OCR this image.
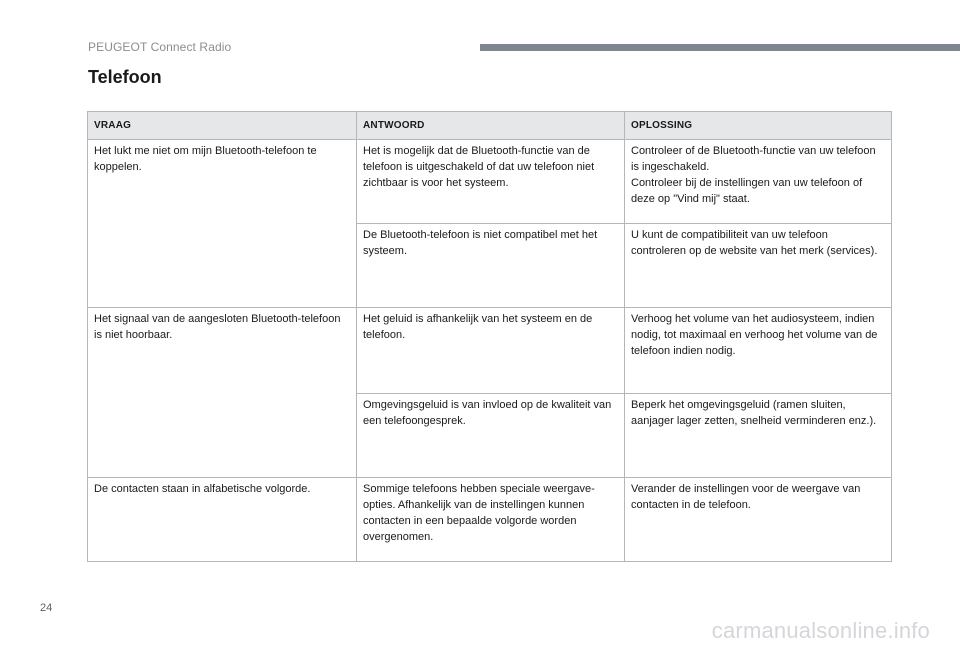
PEUGEOT Connect Radio
Telefoon
VRAAG	ANTWOORD	OPLOSSING

Het lukt me niet om mijn Bluetooth-telefoon te koppelen.	Het is mogelijk dat de Bluetooth-functie van de telefoon is uitgeschakeld of dat uw telefoon niet zichtbaar is voor het systeem.	Controleer of de Bluetooth-functie van uw telefoon is ingeschakeld.
Controleer bij de instellingen van uw telefoon of deze op "Vind mij" staat.

	De Bluetooth-telefoon is niet compatibel met het systeem.	U kunt de compatibiliteit van uw telefoon controleren op de website van het merk (services).

Het signaal van de aangesloten Bluetooth-telefoon is niet hoorbaar.	Het geluid is afhankelijk van het systeem en de telefoon.	Verhoog het volume van het audiosysteem, indien nodig, tot maximaal en verhoog het volume van de telefoon indien nodig.

	Omgevingsgeluid is van invloed op de kwaliteit van een telefoongesprek.	Beperk het omgevingsgeluid (ramen sluiten, aanjager lager zetten, snelheid verminderen enz.).

De contacten staan in alfabetische volgorde.	Sommige telefoons hebben speciale weergave-opties. Afhankelijk van de instellingen kunnen contacten in een bepaalde volgorde worden overgenomen.	Verander de instellingen voor de weergave van contacten in de telefoon.
24
carmanualsonline.info
